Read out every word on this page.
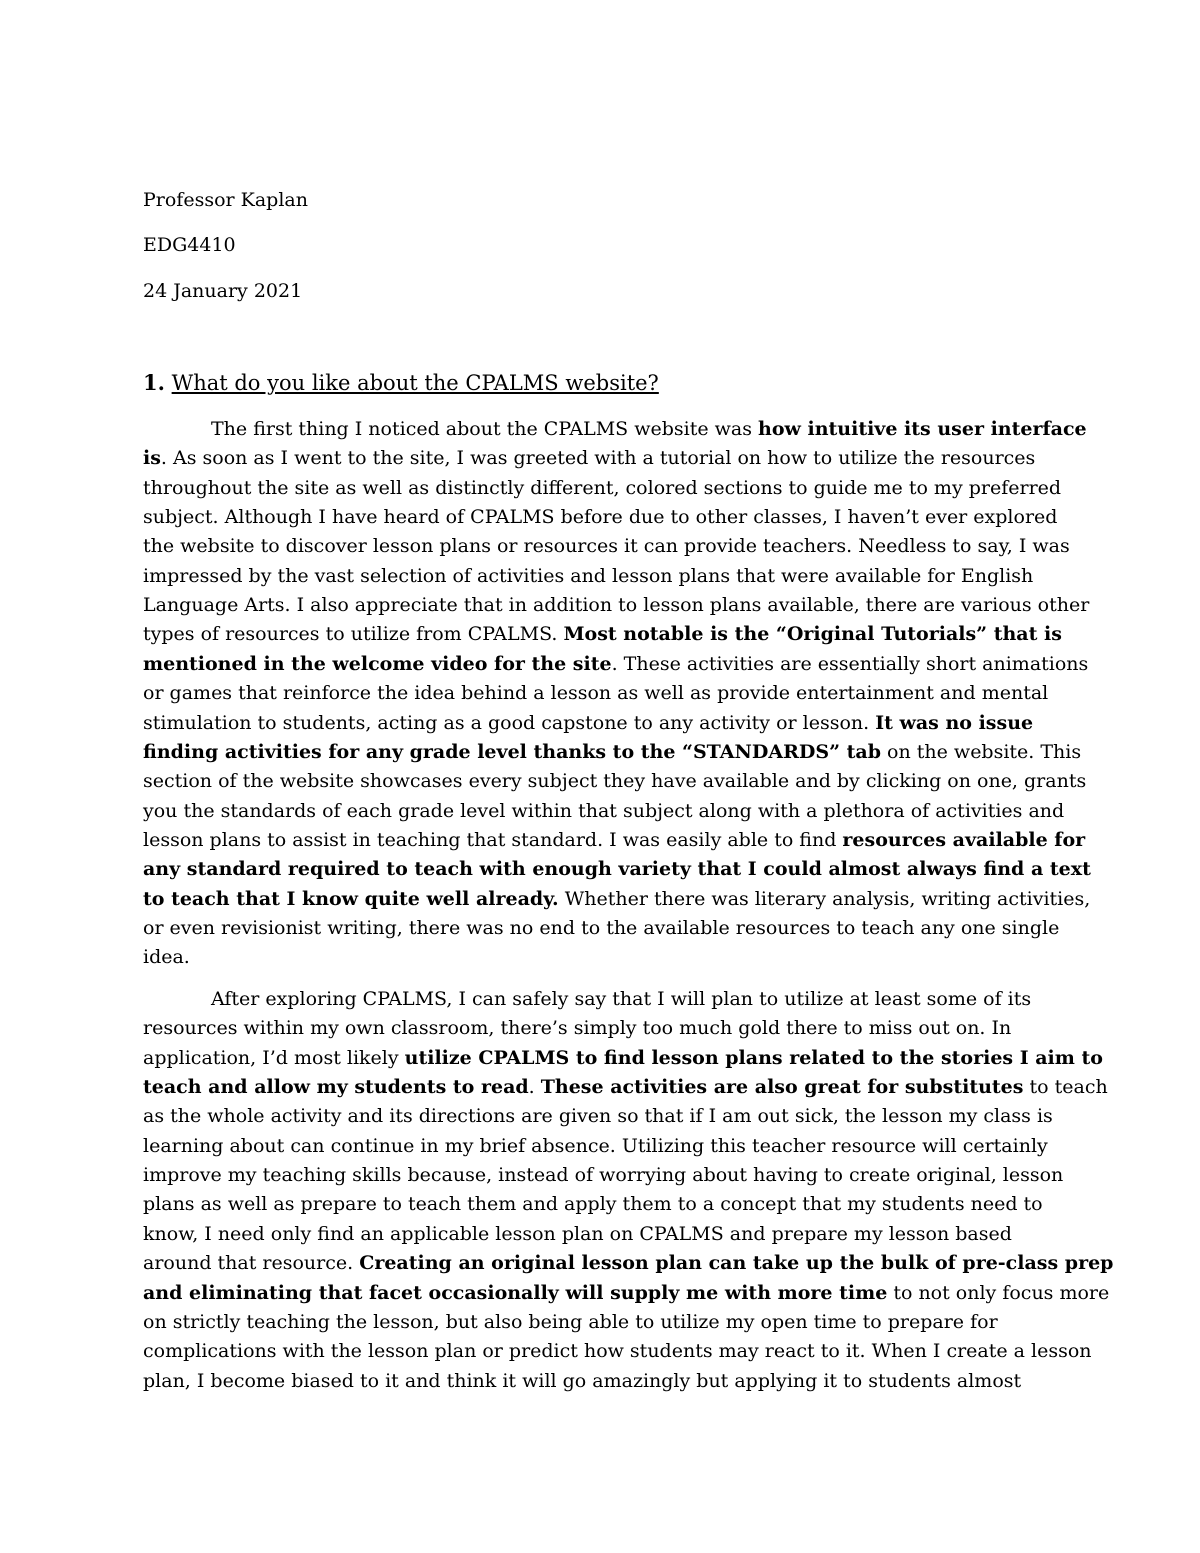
Professor Kaplan
EDG4410
24 January 2021
1. What do you like about the CPALMS website?
The first thing I noticed about the CPALMS website was how intuitive its user interface
is. As soon as I went to the site, I was greeted with a tutorial on how to utilize the resources
throughout the site as well as distinctly different, colored sections to guide me to my preferred
subject. Although I have heard of CPALMS before due to other classes, I haven’t ever explored
the website to discover lesson plans or resources it can provide teachers. Needless to say, I was
impressed by the vast selection of activities and lesson plans that were available for English
Language Arts. I also appreciate that in addition to lesson plans available, there are various other
types of resources to utilize from CPALMS. Most notable is the “Original Tutorials” that is
mentioned in the welcome video for the site. These activities are essentially short animations
or games that reinforce the idea behind a lesson as well as provide entertainment and mental
stimulation to students, acting as a good capstone to any activity or lesson. It was no issue
finding activities for any grade level thanks to the “STANDARDS” tab on the website. This
section of the website showcases every subject they have available and by clicking on one, grants
you the standards of each grade level within that subject along with a plethora of activities and
lesson plans to assist in teaching that standard. I was easily able to find resources available for
any standard required to teach with enough variety that I could almost always find a text
to teach that I know quite well already. Whether there was literary analysis, writing activities,
or even revisionist writing, there was no end to the available resources to teach any one single
idea.
After exploring CPALMS, I can safely say that I will plan to utilize at least some of its
resources within my own classroom, there’s simply too much gold there to miss out on. In
application, I’d most likely utilize CPALMS to find lesson plans related to the stories I aim to
teach and allow my students to read. These activities are also great for substitutes to teach
as the whole activity and its directions are given so that if I am out sick, the lesson my class is
learning about can continue in my brief absence. Utilizing this teacher resource will certainly
improve my teaching skills because, instead of worrying about having to create original, lesson
plans as well as prepare to teach them and apply them to a concept that my students need to
know, I need only find an applicable lesson plan on CPALMS and prepare my lesson based
around that resource. Creating an original lesson plan can take up the bulk of pre-class prep
and eliminating that facet occasionally will supply me with more time to not only focus more
on strictly teaching the lesson, but also being able to utilize my open time to prepare for
complications with the lesson plan or predict how students may react to it. When I create a lesson
plan, I become biased to it and think it will go amazingly but applying it to students almost
